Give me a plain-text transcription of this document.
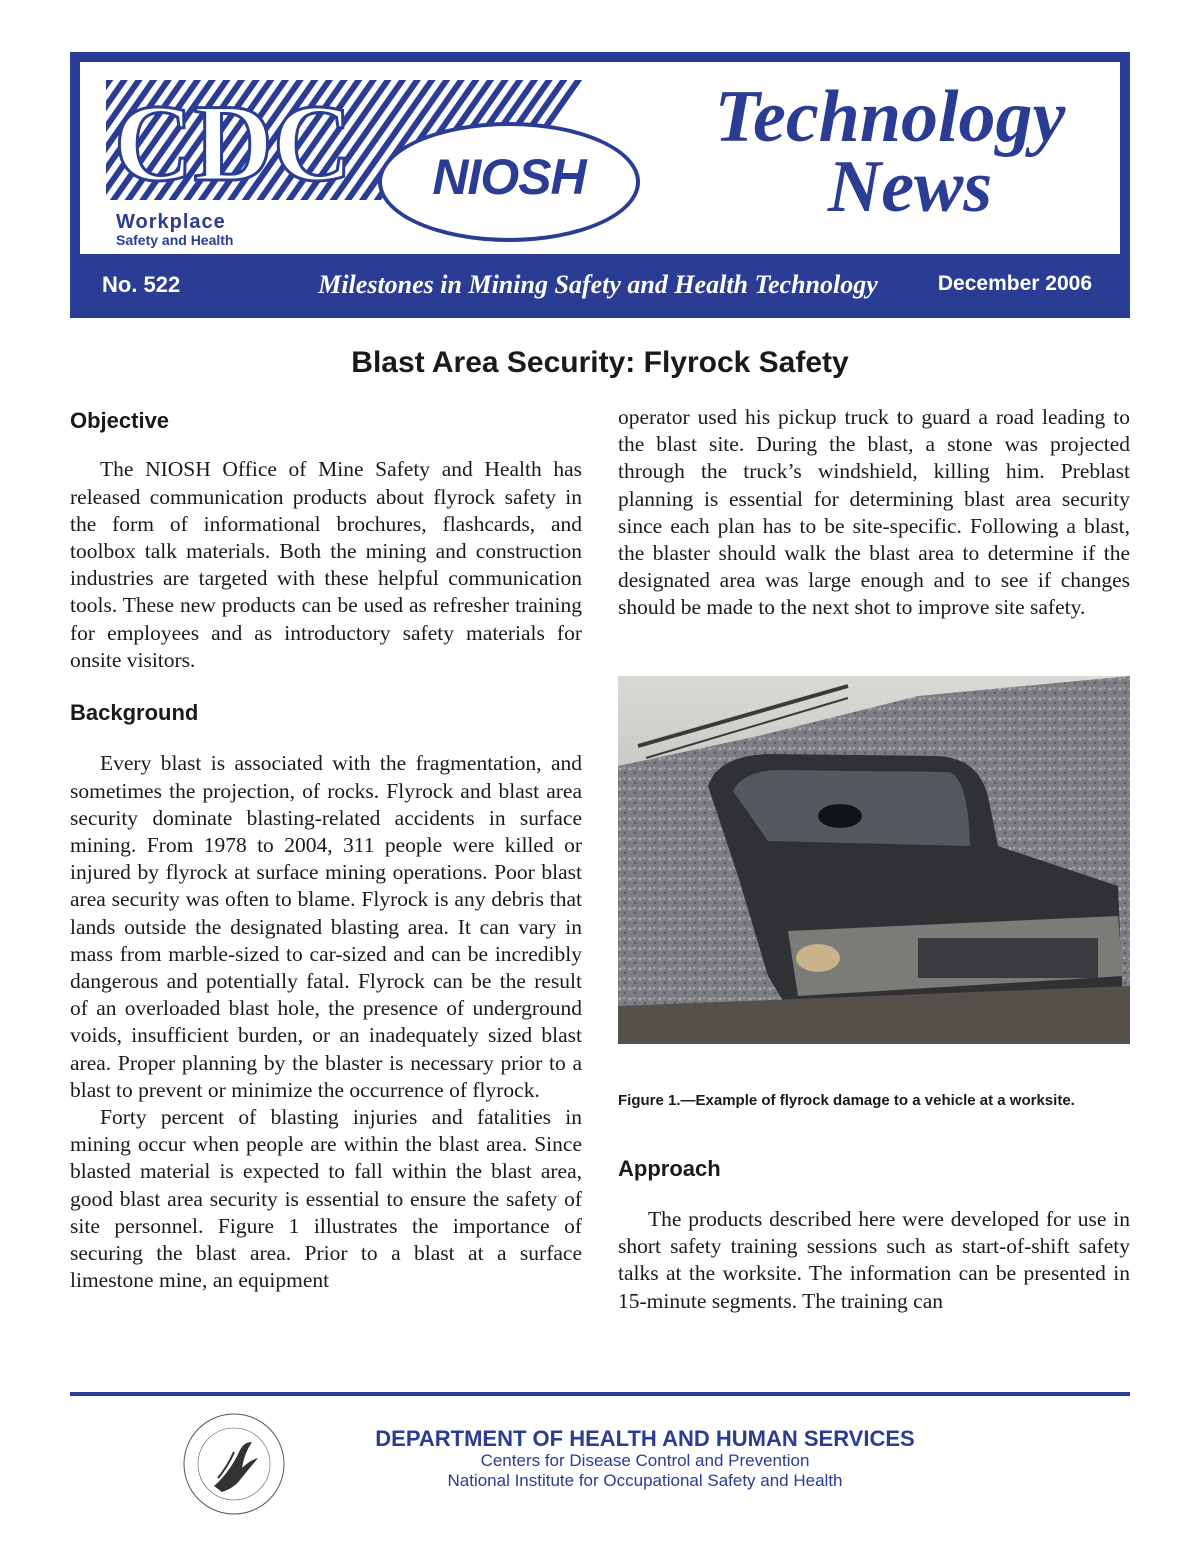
CDC
Workplace
Safety and Health
NIOSH
Technology
News
No. 522	Milestones in Mining Safety and Health Technology	December 2006
Blast Area Security: Flyrock Safety
Objective

The NIOSH Office of Mine Safety and Health has released communication products about flyrock safety in the form of informational brochures, flashcards, and toolbox talk materials. Both the mining and construction industries are targeted with these helpful communication tools. These new products can be used as refresher training for employees and as introductory safety materials for onsite visitors.

Background

Every blast is associated with the fragmentation, and sometimes the projection, of rocks. Flyrock and blast area security dominate blasting-related accidents in surface mining. From 1978 to 2004, 311 people were killed or injured by flyrock at surface mining operations. Poor blast area security was often to blame. Flyrock is any debris that lands outside the designated blasting area. It can vary in mass from marble-sized to car-sized and can be incredibly dangerous and potentially fatal. Flyrock can be the result of an overloaded blast hole, the presence of underground voids, insufficient burden, or an inadequately sized blast area. Proper planning by the blaster is necessary prior to a blast to prevent or minimize the occurrence of flyrock.

Forty percent of blasting injuries and fatalities in mining occur when people are within the blast area. Since blasted material is expected to fall within the blast area, good blast area security is essential to ensure the safety of site personnel. Figure 1 illustrates the importance of securing the blast area. Prior to a blast at a surface limestone mine, an equipment

operator used his pickup truck to guard a road leading to the blast site. During the blast, a stone was projected through the truck’s windshield, killing him. Preblast planning is essential for determining blast area security since each plan has to be site-specific. Following a blast, the blaster should walk the blast area to determine if the designated area was large enough and to see if changes should be made to the next shot to improve site safety.

Figure 1.—Example of flyrock damage to a vehicle at a worksite.
Approach

The products described here were developed for use in short safety training sessions such as start-of-shift safety talks at the worksite. The information can be presented in 15-minute segments. The training can

DEPARTMENT OF HEALTH AND HUMAN SERVICES
Centers for Disease Control and Prevention
National Institute for Occupational Safety and Health
